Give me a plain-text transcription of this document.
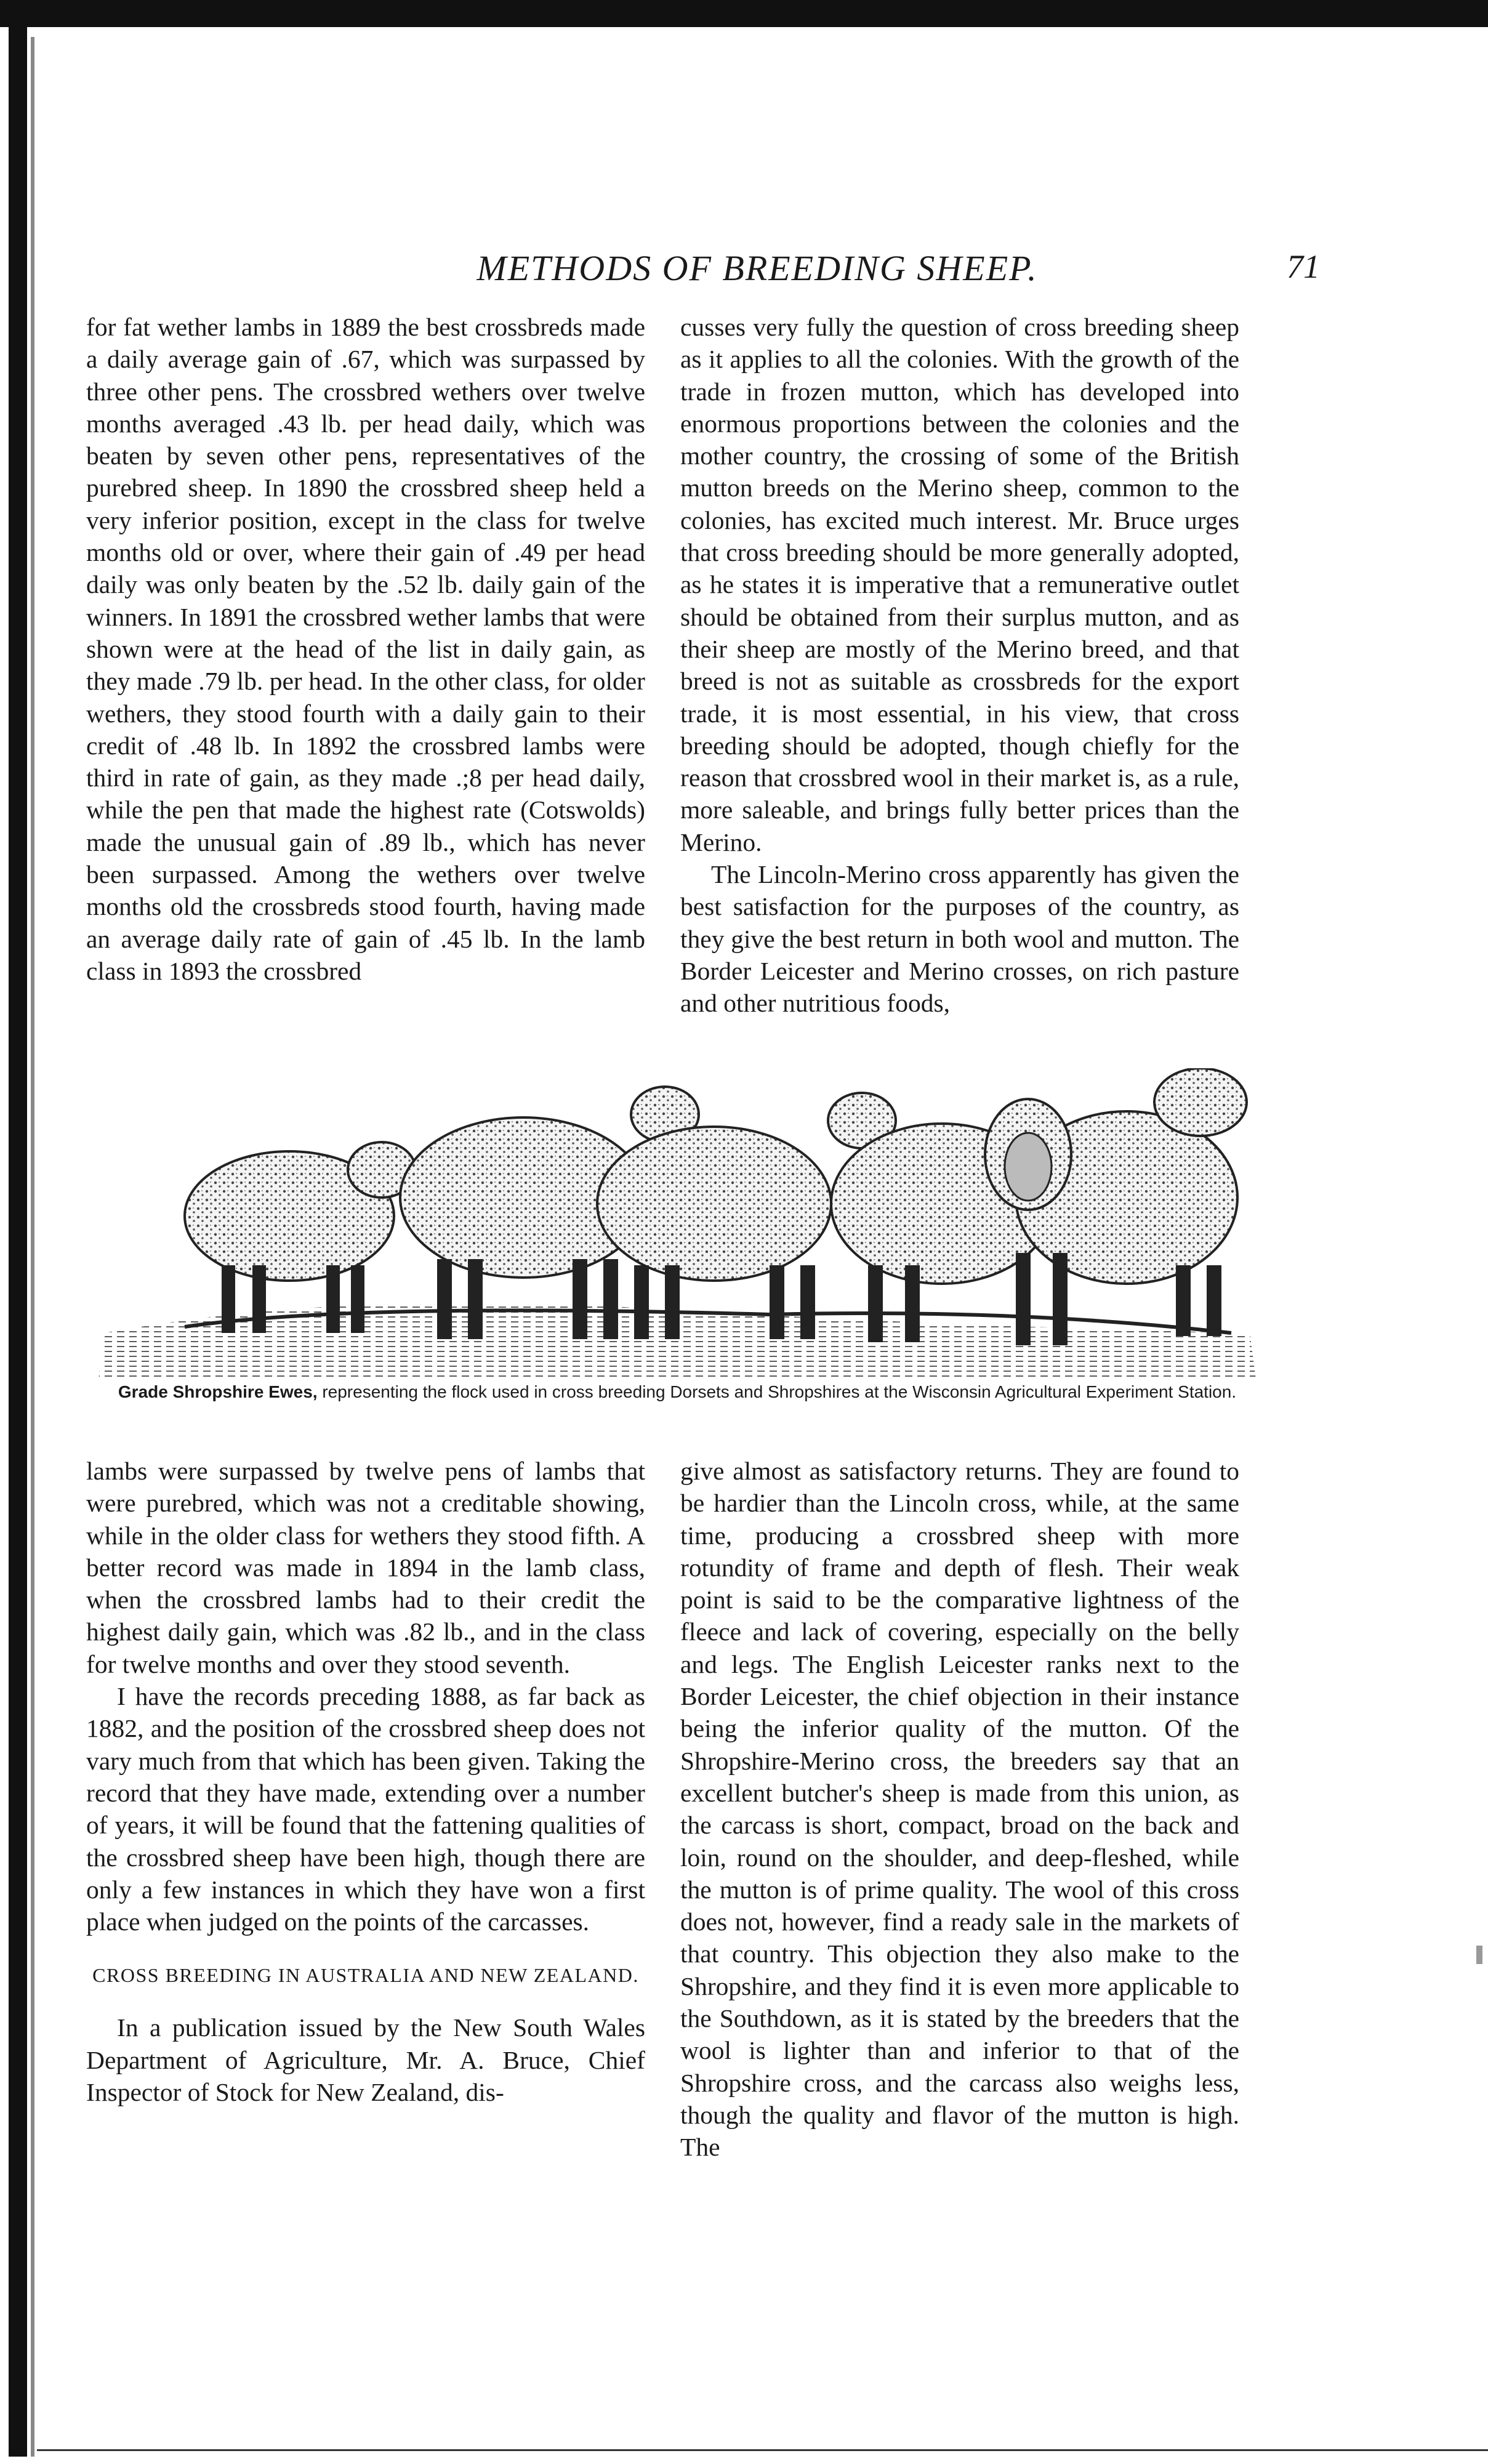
METHODS OF BREEDING SHEEP.	71

for fat wether lambs in 1889 the best crossbreds made a daily average gain of .67, which was surpassed by three other pens. The crossbred wethers over twelve months averaged .43 lb. per head daily, which was beaten by seven other pens, representatives of the purebred sheep. In 1890 the crossbred sheep held a very inferior position, except in the class for twelve months old or over, where their gain of .49 per head daily was only beaten by the .52 lb. daily gain of the winners. In 1891 the crossbred wether lambs that were shown were at the head of the list in daily gain, as they made .79 lb. per head. In the other class, for older wethers, they stood fourth with a daily gain to their credit of .48 lb. In 1892 the crossbred lambs were third in rate of gain, as they made .;8 per head daily, while the pen that made the highest rate (Cotswolds) made the unusual gain of .89 lb., which has never been surpassed. Among the wethers over twelve months old the crossbreds stood fourth, having made an average daily rate of gain of .45 lb. In the lamb class in 1893 the crossbred

cusses very fully the question of cross breeding sheep as it applies to all the colonies. With the growth of the trade in frozen mutton, which has developed into enormous proportions between the colonies and the mother country, the crossing of some of the British mutton breeds on the Merino sheep, common to the colonies, has excited much interest. Mr. Bruce urges that cross breeding should be more generally adopted, as he states it is imperative that a remunerative outlet should be obtained from their surplus mutton, and as their sheep are mostly of the Merino breed, and that breed is not as suitable as crossbreds for the export trade, it is most essential, in his view, that cross breeding should be adopted, though chiefly for the reason that crossbred wool in their market is, as a rule, more saleable, and brings fully better prices than the Merino.

The Lincoln-Merino cross apparently has given the best satisfaction for the purposes of the country, as they give the best return in both wool and mutton. The Border Leicester and Merino crosses, on rich pasture and other nutritious foods,

Grade Shropshire Ewes, representing the flock used in cross breeding Dorsets and Shropshires at the Wisconsin Agricultural Experiment Station.

lambs were surpassed by twelve pens of lambs that were purebred, which was not a creditable showing, while in the older class for wethers they stood fifth. A better record was made in 1894 in the lamb class, when the crossbred lambs had to their credit the highest daily gain, which was .82 lb., and in the class for twelve months and over they stood seventh.

I have the records preceding 1888, as far back as 1882, and the position of the crossbred sheep does not vary much from that which has been given. Taking the record that they have made, extending over a number of years, it will be found that the fattening qualities of the crossbred sheep have been high, though there are only a few instances in which they have won a first place when judged on the points of the carcasses.

CROSS BREEDING IN AUSTRALIA AND NEW ZEALAND.

In a publication issued by the New South Wales Department of Agriculture, Mr. A. Bruce, Chief Inspector of Stock for New Zealand, dis-

give almost as satisfactory returns. They are found to be hardier than the Lincoln cross, while, at the same time, producing a crossbred sheep with more rotundity of frame and depth of flesh. Their weak point is said to be the comparative lightness of the fleece and lack of covering, especially on the belly and legs. The English Leicester ranks next to the Border Leicester, the chief objection in their instance being the inferior quality of the mutton. Of the Shropshire-Merino cross, the breeders say that an excellent butcher's sheep is made from this union, as the carcass is short, compact, broad on the back and loin, round on the shoulder, and deep-fleshed, while the mutton is of prime quality. The wool of this cross does not, however, find a ready sale in the markets of that country. This objection they also make to the Shropshire, and they find it is even more applicable to the Southdown, as it is stated by the breeders that the wool is lighter than and inferior to that of the Shropshire cross, and the carcass also weighs less, though the quality and flavor of the mutton is high. The
